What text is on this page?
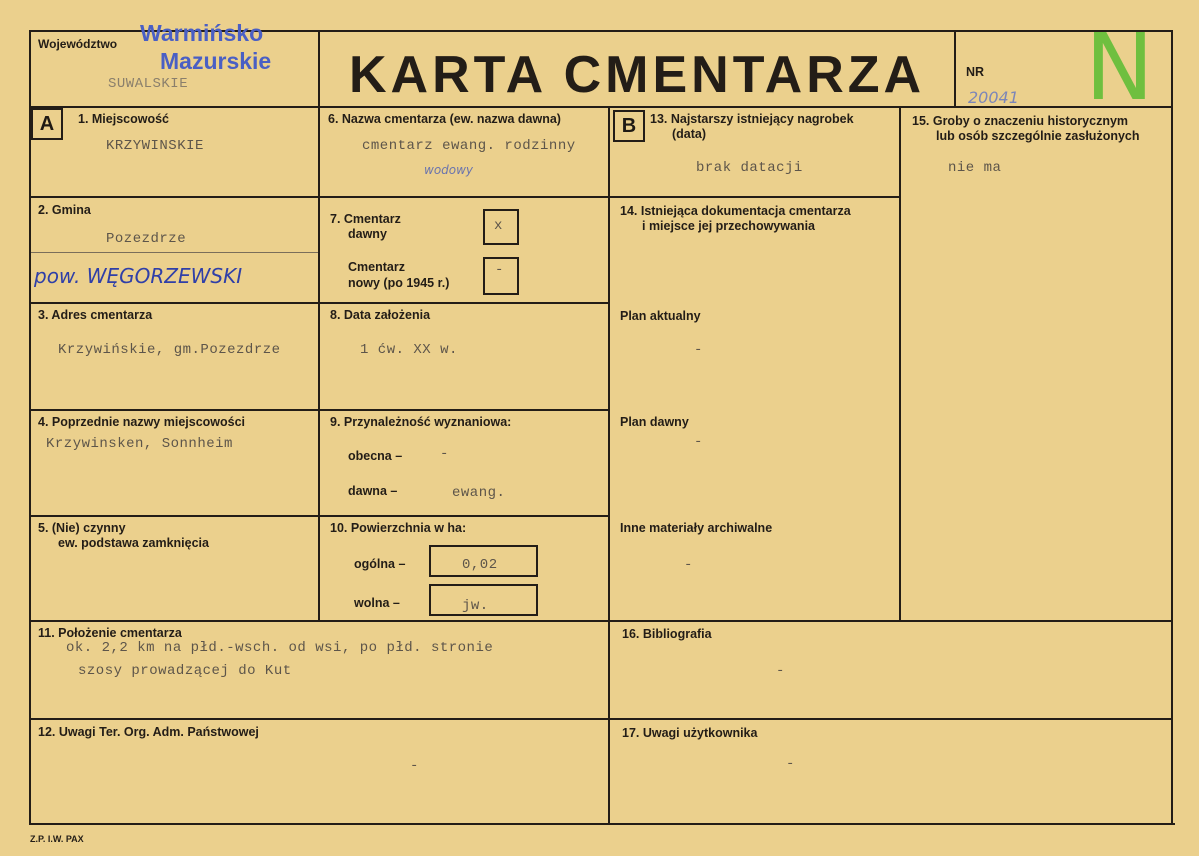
Województwo Warmińsko
Mazurskie
SUWALSKIE	KARTA CMENTARZA	NR
20041 N
A	1. Miejscowość
KRZYWINSKIE
2. Gmina
Pozezdrze
pow. WĘGORZEWSKI
3. Adres cmentarza
Krzywińskie, gm.Pozezdrze
4. Poprzednie nazwy miejscowości
Krzywinsken, Sonnheim
5. (Nie) czynny
ew. podstawa zamknięcia
6. Nazwa cmentarza (ew. nazwa dawna)
cmentarz ewang. rodzinny
wodowy
7. Cmentarz
dawny	x
Cmentarz
nowy (po 1945 r.)
-
8. Data założenia
1 ćw. XX w.
9. Przynależność wyznaniowa:
obecna –	-
dawna –	ewang.
10. Powierzchnia w ha:
ogólna –	0,02
wolna –	jw.
B	13. Najstarszy istniejący nagrobek
(data)
brak datacji
14. Istniejąca dokumentacja cmentarza
i miejsce jej przechowywania
Plan aktualny
-
Plan dawny
-
Inne materiały archiwalne
-
15. Groby o znaczeniu historycznym
lub osób szczególnie zasłużonych
nie ma
11. Położenie cmentarza
ok. 2,2 km na płd.-wsch. od wsi, po płd. stronie
szosy prowadzącej do Kut
16. Bibliografia
-
12. Uwagi Ter. Org. Adm. Państwowej
-
17. Uwagi użytkownika
-
Z.P. I.W. PAX
